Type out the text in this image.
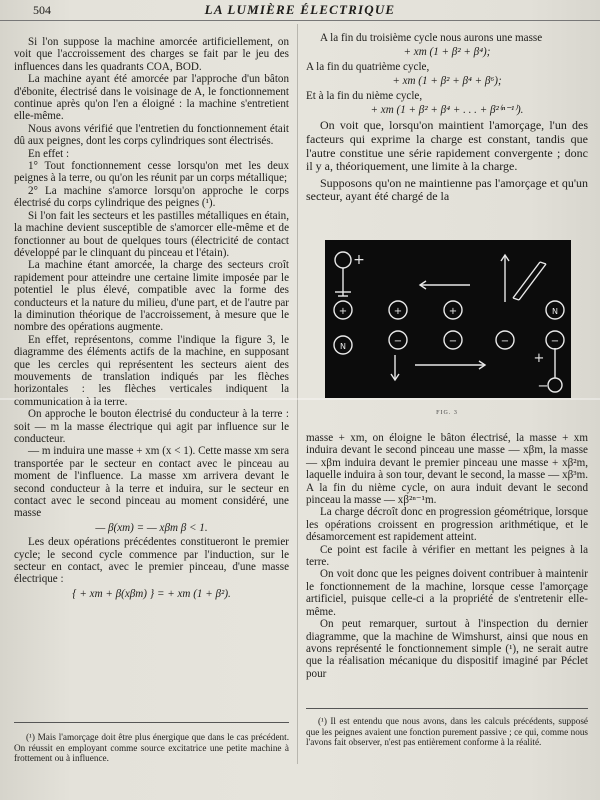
504	LA LUMIÈRE ÉLECTRIQUE

Si l'on suppose la machine amorcée artificiellement, on voit que l'accroissement des charges se fait par le jeu des influences dans les quadrants COA, BOD.

La machine ayant été amorcée par l'approche d'un bâton d'ébonite, électrisé dans le voisinage de A, le fonctionnement continue après qu'on l'en a éloigné : la machine s'entretient elle-même.

Nous avons vérifié que l'entretien du fonctionnement était dû aux peignes, dont les corps cylindriques sont électrisés.

En effet :

1° Tout fonctionnement cesse lorsqu'on met les deux peignes à la terre, ou qu'on les réunit par un corps métallique;

2° La machine s'amorce lorsqu'on approche le corps électrisé du corps cylindrique des peignes (¹).

Si l'on fait les secteurs et les pastilles métalliques en étain, la machine devient susceptible de s'amorcer elle-même et de fonctionner au bout de quelques tours (électricité de contact développé par le clinquant du pinceau et l'étain).

La machine étant amorcée, la charge des secteurs croît rapidement pour atteindre une certaine limite imposée par le potentiel le plus élevé, compatible avec la forme des conducteurs et la nature du milieu, d'une part, et de l'autre par la diminution théorique de l'accroissement, à mesure que le nombre des opérations augmente.

En effet, représentons, comme l'indique la figure 3, le diagramme des éléments actifs de la machine, en supposant que les cercles qui représentent les secteurs aient des mouvements de translation indiqués par les flèches horizontales : les flèches verticales indiquent la communication à la terre.

On approche le bouton électrisé du conducteur à la terre : soit — m la masse électrique qui agit par influence sur le conducteur.

— m induira une masse + xm (x < 1). Cette masse xm sera transportée par le secteur en contact avec le pinceau au moment de l'influence. La masse xm arrivera devant le second conducteur à la terre et induira, sur le secteur en contact avec le second pinceau au moment considéré, une masse

— β(xm) = — xβm β < 1.

Les deux opérations précédentes constitueront le premier cycle; le second cycle commence par l'induction, sur le secteur en contact, avec le premier pinceau, d'une masse électrique :

{ + xm + β(xβm) } = + xm (1 + β²).

A la fin du troisième cycle nous aurons une masse

+ xm (1 + β² + β⁴);

A la fin du quatrième cycle,

+ xm (1 + β² + β⁴ + β⁶);

Et à la fin du nième cycle,

+ xm (1 + β² + β⁴ + . . . + β²⁽ⁿ⁻¹⁾).

On voit que, lorsqu'on maintient l'amorçage, l'un des facteurs qui exprime la charge est constant, tandis que l'autre constitue une série rapidement convergente ; donc il y a, théoriquement, une limite à la charge.

Supposons qu'on ne maintienne pas l'amorçage et qu'un secteur, ayant été chargé de la

+
+	+	+	N
N	−	−	−	−
+
−
FIG. 3

masse + xm, on éloigne le bâton électrisé, la masse + xm induira devant le second pinceau une masse — xβm, la masse — xβm induira devant le premier pinceau une masse + xβ²m, laquelle induira à son tour, devant le second, la masse — xβ³m. A la fin du nième cycle, on aura induit devant le second pinceau la masse — xβ²ⁿ⁻¹m.

La charge décroît donc en progression géométrique, lorsque les opérations croissent en progression arithmétique, et le désamorcement est rapidement atteint.

Ce point est facile à vérifier en mettant les peignes à la terre.

On voit donc que les peignes doivent contribuer à maintenir le fonctionnement de la machine, lorsque cesse l'amorçage artificiel, puisque celle-ci a la propriété de s'entretenir elle-même.

On peut remarquer, surtout à l'inspection du dernier diagramme, que la machine de Wimshurst, ainsi que nous en avons représenté le fonctionnement simple (¹), ne serait autre que la réalisation mécanique du dispositif imaginé par Péclet pour

(¹) Mais l'amorçage doit être plus énergique que dans le cas précédent. On réussit en employant comme source excitatrice une petite machine à frottement ou à influence.

(¹) Il est entendu que nous avons, dans les calculs précédents, supposé que les peignes avaient une fonction purement passive ; ce qui, comme nous l'avons fait observer, n'est pas entièrement conforme à la réalité.
